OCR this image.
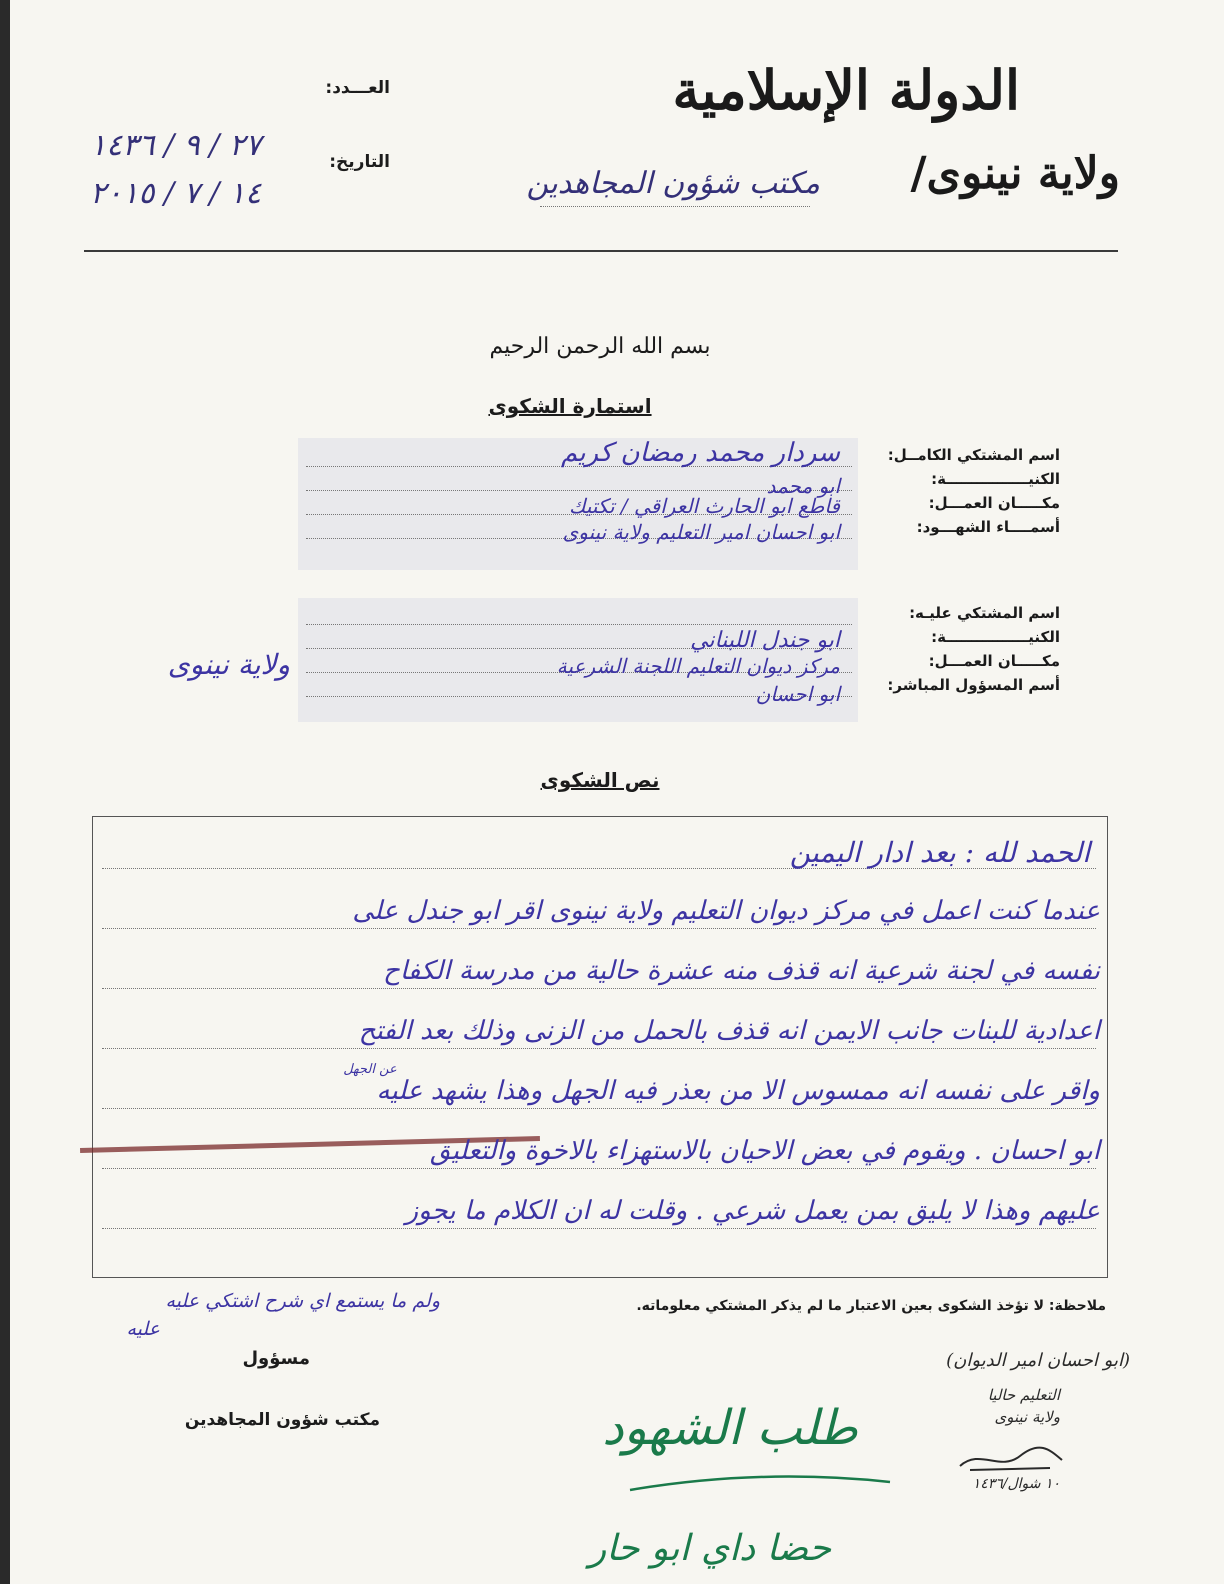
الدولة الإسلامية
ولاية نينوى/
مكتب شؤون المجاهدين
العـــدد:
التاريخ:
٢٧ / ٩ / ١٤٣٦
١٤ / ٧ / ٢٠١٥
بسم الله الرحمن الرحيم
استمارة الشكوى
اسم المشتكي الكامــل:
الكنيــــــــــــــــة:
مكـــــان العمـــل:
أسمــــاء الشهـــود:
سردار محمد رمضان كريم
ابو محمد
قاطع ابو الحارث العراقي / تكتيك
ابو احسان امير التعليم ولاية نينوى
اسم المشتكي عليـه:
الكنيــــــــــــــــة:
مكـــــان العمـــل:
أسم المسؤول المباشر:
ابو جندل اللبناني
مركز ديوان التعليم اللجنة الشرعية
ابو احسان
ولاية نينوى
نص الشكوى
الحمد لله : بعد ادار اليمين
عندما كنت اعمل في مركز ديوان التعليم ولاية نينوى اقر ابو جندل على
نفسه في لجنة شرعية انه قذف منه عشرة حالية من مدرسة الكفاح
اعدادية للبنات جانب الايمن انه قذف بالحمل من الزنى وذلك بعد الفتح
عن الجهل
واقر على نفسه انه ممسوس الا من بعذر فيه الجهل وهذا يشهد عليه
ابو احسان . ويقوم في بعض الاحيان بالاستهزاء بالاخوة والتعليق
عليهم وهذا لا يليق بمن يعمل شرعي . وقلت له ان الكلام ما يجوز
ولم ما يستمع اي شرح اشتكي عليه
عليه
ملاحظة: لا تؤخذ الشكوى بعين الاعتبار ما لم يذكر المشتكي معلوماته.
مسؤول
مكتب شؤون المجاهدين
(ابو احسان امير الديوان)
التعليم حاليا
ولاية نينوى
١٠ شوال/١٤٣٦
طلب الشهود
حضا داي ابو حار
